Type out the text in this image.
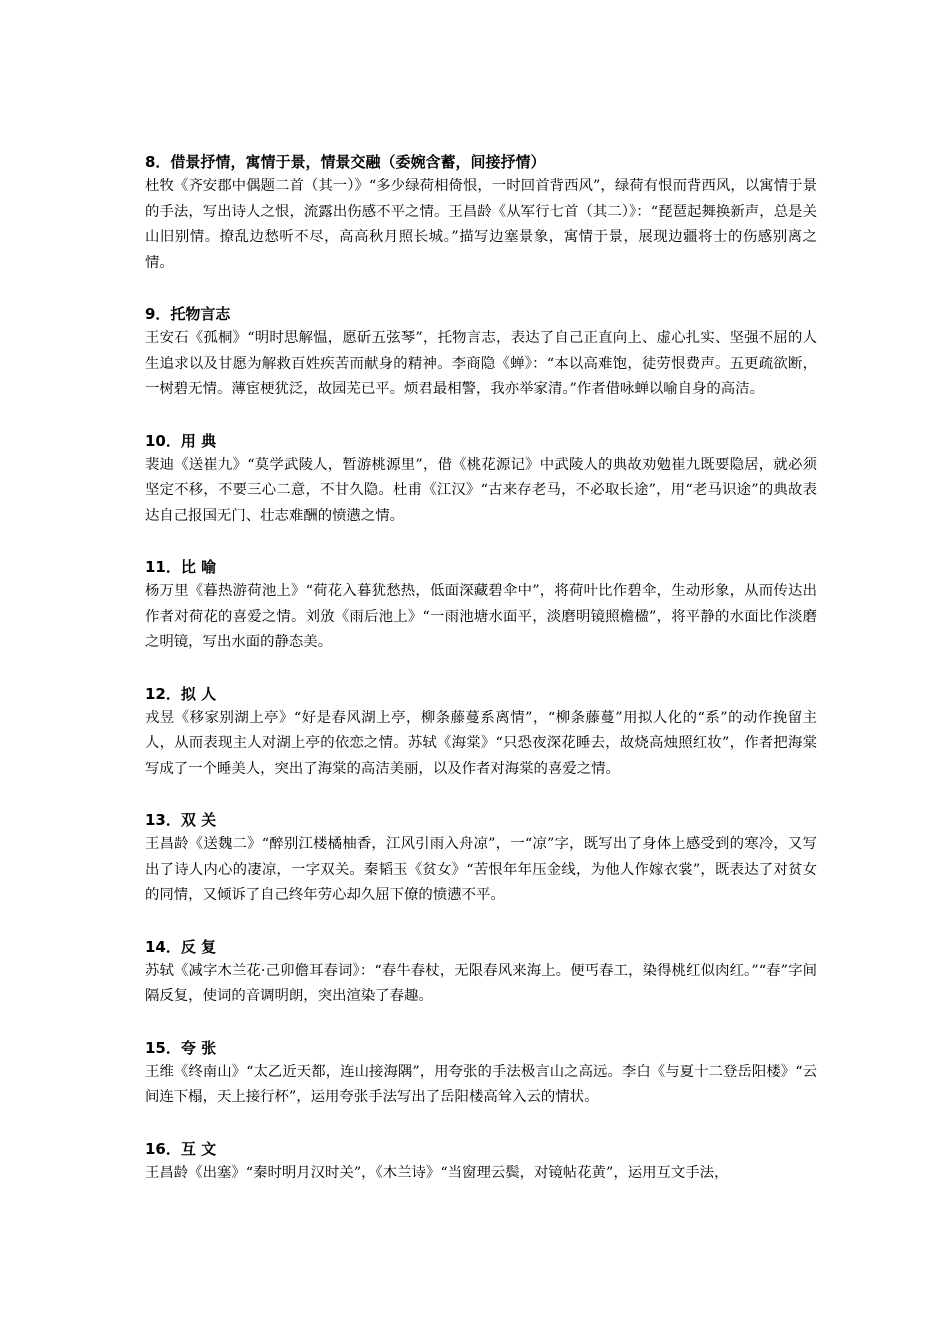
8．借景抒情，寓情于景，情景交融（委婉含蓄，间接抒情）
杜牧《齐安郡中偶题二首（其一）》“多少绿荷相倚恨，一时回首背西风”，绿荷有恨而背西风，以寓情于景的手法，写出诗人之恨，流露出伤感不平之情。王昌龄《从军行七首（其二）》：“琵琶起舞换新声，总是关山旧别情。撩乱边愁听不尽，高高秋月照长城。”描写边塞景象，寓情于景，展现边疆将士的伤感别离之情。
9．托物言志
王安石《孤桐》“明时思解愠，愿斫五弦琴”，托物言志，表达了自己正直向上、虚心扎实、坚强不屈的人生追求以及甘愿为解救百姓疾苦而献身的精神。李商隐《蝉》：“本以高难饱，徒劳恨费声。五更疏欲断，一树碧无情。薄宦梗犹泛，故园芜已平。烦君最相警，我亦举家清。”作者借咏蝉以喻自身的高洁。
10．用 典
裴迪《送崔九》“莫学武陵人，暂游桃源里”，借《桃花源记》中武陵人的典故劝勉崔九既要隐居，就必须坚定不移，不要三心二意，不甘久隐。杜甫《江汉》“古来存老马，不必取长途”，用“老马识途”的典故表达自己报国无门、壮志难酬的愤懑之情。
11．比 喻
杨万里《暮热游荷池上》“荷花入暮犹愁热，低面深藏碧伞中”，将荷叶比作碧伞，生动形象，从而传达出作者对荷花的喜爱之情。刘攽《雨后池上》“一雨池塘水面平，淡磨明镜照檐楹”，将平静的水面比作淡磨之明镜，写出水面的静态美。
12．拟 人
戎昱《移家别湖上亭》“好是春风湖上亭，柳条藤蔓系离情”，“柳条藤蔓”用拟人化的“系”的动作挽留主人，从而表现主人对湖上亭的依恋之情。苏轼《海棠》“只恐夜深花睡去，故烧高烛照红妆”，作者把海棠写成了一个睡美人，突出了海棠的高洁美丽，以及作者对海棠的喜爱之情。
13．双 关
王昌龄《送魏二》“醉别江楼橘柚香，江风引雨入舟凉”，一“凉”字，既写出了身体上感受到的寒冷，又写出了诗人内心的凄凉，一字双关。秦韬玉《贫女》“苦恨年年压金线，为他人作嫁衣裳”，既表达了对贫女的同情，又倾诉了自己终年劳心却久屈下僚的愤懑不平。
14．反 复
苏轼《减字木兰花·己卯儋耳春词》：“春牛春杖，无限春风来海上。便丐春工，染得桃红似肉红。”“春”字间隔反复，使词的音调明朗，突出渲染了春趣。
15．夸 张
王维《终南山》“太乙近天都，连山接海隅”，用夸张的手法极言山之高远。李白《与夏十二登岳阳楼》“云间连下榻，天上接行杯”，运用夸张手法写出了岳阳楼高耸入云的情状。
16．互 文
王昌龄《出塞》“秦时明月汉时关”，《木兰诗》“当窗理云鬓，对镜帖花黄”，运用互文手法，
